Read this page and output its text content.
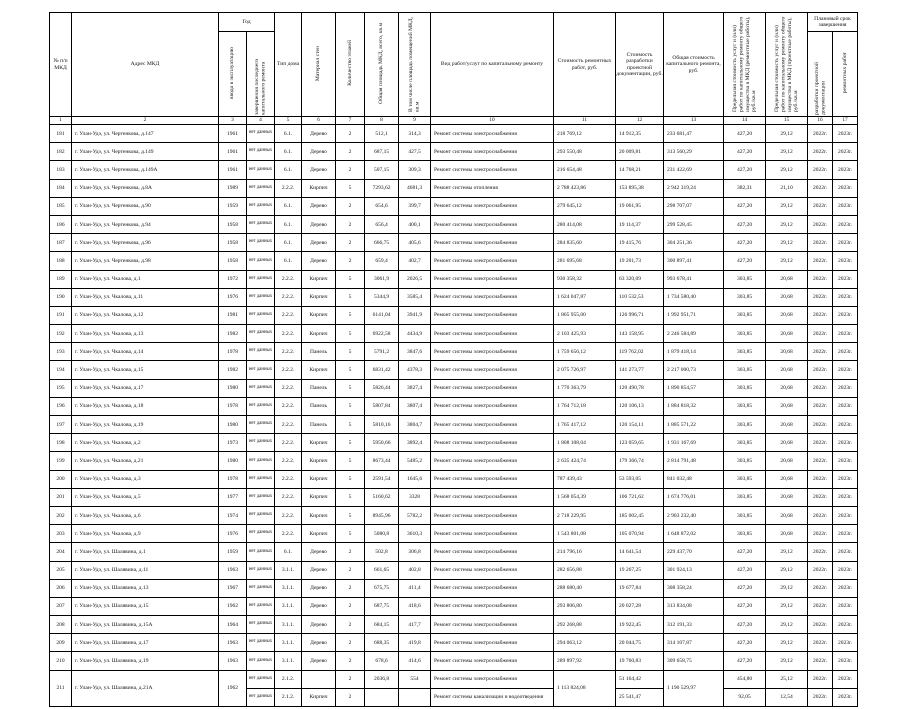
№ п/п МКД	Адрес МКД	Год		Тип дома	Материал стен	Количество этажей	Общая площадь МКД, всего, кв.м	В том числе площадь помещений МКД, кв.м	Вид работ/услуг по капитальному ремонту	Стоимость ремонтных работ, руб.	Стоимость разработки проектной документации, руб.	Общая стоимость капитального ремонта, руб.	Предельная стоимость услуг и (или) работ по капитальному ремонту общего имущества в МКД (ремонтные работы), руб./кв.м	Предельная стоимость услуг и (или) работ по капитальному ремонту общего имущества в МКД (проектные работы), руб./кв.м	Плановый срок завершения	
		ввода в эксплуатацию	завершения последнего капитального ремонта												разработки проектной документации	ремонтных работ
1	2	3	4	5	6	7	8	9	10	11	12	13	14	15	16	17
181	г. Улан-Удэ, ул. Чертенкова, д.147	1961	нет данных	6.1.	Дерево	2	512,1	314,3	Ремонт системы электроснабжения	218 769,12	14 912,35	233 681,47	427,20	29,12	2022г.	2023г.
182	г. Улан-Удэ, ул. Чертенкова, д.149	1961	нет данных	6.1.	Дерево	2	687,15	427,5	Ремонт системы электроснабжения	293 550,48	20 009,81	313 560,29	427,20	29,12	2022г.	2023г.
183	г. Улан-Удэ, ул. Чертенкова, д.149А	1961	нет данных	6.1.	Дерево	2	507,15	309,3	Ремонт системы электроснабжения	216 654,48	14 768,21	231 422,69	427,20	29,12	2022г.	2023г.
184	г. Улан-Удэ, ул. Чертенкова, д.8А	1989	нет данных	2.2.2.	Кирпич	5	7293,62	4681,3	Ремонт системы отопления	2 788 423,86	153 895,38	2 942 319,24	382,31	21,10	2022г.	2023г.
185	г. Улан-Удэ, ул. Чертенкова, д.90	1959	нет данных	6.1.	Дерево	2	654,6	399,7	Ремонт системы электроснабжения	279 645,12	19 061,95	298 707,07	427,20	29,12	2022г.	2023г.
186	г. Улан-Удэ, ул. Чертенкова, д.94	1958	нет данных	6.1.	Дерево	2	656,4	400,1	Ремонт системы электроснабжения	280 414,08	19 114,37	299 528,45	427,20	29,12	2022г.	2023г.
187	г. Улан-Удэ, ул. Чертенкова, д.96	1958	нет данных	6.1.	Дерево	2	666,75	405,6	Ремонт системы электроснабжения	284 835,60	19 415,76	304 251,36	427,20	29,12	2022г.	2023г.
188	г. Улан-Удэ, ул. Чертенкова, д.98	1958	нет данных	6.1.	Дерево	2	659,4	402,7	Ремонт системы электроснабжения	281 695,68	19 201,73	300 897,41	427,20	29,12	2022г.	2023г.
189	г. Улан-Удэ, ул. Чкалова, д.1	1972	нет данных	2.2.2.	Кирпич	5	3061,9	2026,5	Ремонт системы электроснабжения	930 358,32	63 320,09	993 678,41	303,85	20,68	2022г.	2023г.
190	г. Улан-Удэ, ул. Чкалова, д.11	1976	нет данных	2.2.2.	Кирпич	5	5344,9	3585,4	Ремонт системы электроснабжения	1 624 047,87	110 532,53	1 734 580,40	303,85	20,68	2022г.	2023г.
191	г. Улан-Удэ, ул. Чкалова, д.12	1981	нет данных	2.2.2.	Кирпич	5	6141,04	3941,9	Ремонт системы электроснабжения	1 865 955,00	126 996,71	1 992 951,71	303,85	20,68	2022г.	2023г.
192	г. Улан-Удэ, ул. Чкалова, д.13	1982	нет данных	2.2.2.	Кирпич	5	6922,58	4434,9	Ремонт системы электроснабжения	2 103 425,93	143 158,95	2 246 584,89	303,85	20,68	2022г.	2023г.
193	г. Улан-Удэ, ул. Чкалова, д.14	1978	нет данных	2.2.2.	Панель	5	5791,2	3847,6	Ремонт системы электроснабжения	1 759 656,12	119 762,02	1 879 418,14	303,85	20,68	2022г.	2023г.
194	г. Улан-Удэ, ул. Чкалова, д.15	1982	нет данных	2.2.2.	Кирпич	5	6831,42	4378,3	Ремонт системы электроснабжения	2 075 726,97	141 273,77	2 217 000,73	303,85	20,68	2022г.	2023г.
195	г. Улан-Удэ, ул. Чкалова, д.17	1980	нет данных	2.2.2.	Панель	5	5826,44	3827,4	Ремонт системы электроснабжения	1 770 363,79	120 490,78	1 890 854,57	303,85	20,68	2022г.	2023г.
196	г. Улан-Удэ, ул. Чкалова, д.18	1978	нет данных	2.2.2.	Панель	5	5807,84	3807,4	Ремонт системы электроснабжения	1 764 712,18	120 106,13	1 884 818,32	303,85	20,68	2022г.	2023г.
197	г. Улан-Удэ, ул. Чкалова, д.19	1980	нет данных	2.2.2.	Панель	5	5810,16	3804,7	Ремонт системы электроснабжения	1 765 417,12	120 154,11	1 885 571,22	303,85	20,68	2022г.	2023г.
198	г. Улан-Удэ, ул. Чкалова, д.2	1973	нет данных	2.2.2.	Кирпич	5	5950,66	3892,4	Ремонт системы электроснабжения	1 808 108,04	123 059,65	1 931 167,69	303,85	20,68	2022г.	2023г.
199	г. Улан-Удэ, ул. Чкалова, д.21	1980	нет данных	2.2.2.	Кирпич	5	8673,44	5485,2	Ремонт системы электроснабжения	2 635 424,74	179 366,74	2 814 791,48	303,85	20,68	2022г.	2023г.
200	г. Улан-Удэ, ул. Чкалова, д.3	1978	нет данных	2.2.2.	Кирпич	5	2591,54	1645,6	Ремонт системы электроснабжения	787 439,43	53 593,05	841 032,48	303,85	20,68	2022г.	2023г.
201	г. Улан-Удэ, ул. Чкалова, д.5	1977	нет данных	2.2.2.	Кирпич	5	5160,62	3328	Ремонт системы электроснабжения	1 568 054,39	106 721,62	1 674 776,01	303,85	20,68	2022г.	2023г.
202	г. Улан-Удэ, ул. Чкалова, д.6	1974	нет данных	2.2.2.	Кирпич	5	8945,96	5782,2	Ремонт системы электроснабжения	2 718 229,95	185 002,45	2 903 232,40	303,85	20,68	2022г.	2023г.
203	г. Улан-Удэ, ул. Чкалова, д.9	1976	нет данных	2.2.2.	Кирпич	5	5080,8	3610,3	Ремонт системы электроснабжения	1 543 801,08	105 070,94	1 648 872,02	303,85	20,68	2022г.	2023г.
204	г. Улан-Удэ, ул. Шалявина, д.1	1959	нет данных	6.1.	Дерево	2	502,8	306,8	Ремонт системы электроснабжения	214 796,16	14 641,54	229 437,70	427,20	29,12	2022г.	2023г.
205	г. Улан-Удэ, ул. Шалявина, д.11	1963	нет данных	3.1.1.	Дерево	2	661,65	402,8	Ремонт системы электроснабжения	282 656,88	19 267,25	301 924,13	427,20	29,12	2022г.	2023г.
206	г. Улан-Удэ, ул. Шалявина, д.13	1967	нет данных	3.1.1.	Дерево	2	675,75	411,4	Ремонт системы электроснабжения	288 680,40	19 677,84	308 358,24	427,20	29,12	2022г.	2023г.
207	г. Улан-Удэ, ул. Шалявина, д.15	1962	нет данных	3.1.1.	Дерево	2	687,75	418,6	Ремонт системы электроснабжения	293 806,80	20 027,28	313 834,08	427,20	29,12	2022г.	2023г.
208	г. Улан-Удэ, ул. Шалявина, д.15А	1964	нет данных	3.1.1.	Дерево	2	684,15	417,7	Ремонт системы электроснабжения	292 268,88	19 922,45	312 191,33	427,20	29,12	2022г.	2023г.
209	г. Улан-Удэ, ул. Шалявина, д.17	1963	нет данных	3.1.1.	Дерево	2	688,35	419,8	Ремонт системы электроснабжения	294 063,12	20 044,75	314 107,87	427,20	29,12	2022г.	2023г.
210	г. Улан-Удэ, ул. Шалявина, д.19	1963	нет данных	3.1.1.	Дерево	2	678,6	414,6	Ремонт системы электроснабжения	289 897,92	19 760,83	309 658,75	427,20	29,12	2022г.	2023г.
211	г. Улан-Удэ, ул. Шалявина, д.21А	1962	нет данных	2.1.2.		2	2036,8	554	Ремонт системы электроснабжения	1 113 824,08	51 164,42	1 190 529,97	454,80	25,12	2022г.	2023г.
			нет данных	2.1.2.	Кирпич	2			Ремонт системы канализации и водоотведения		25 541,47		92,05	12,54	2022г.	2023г.
